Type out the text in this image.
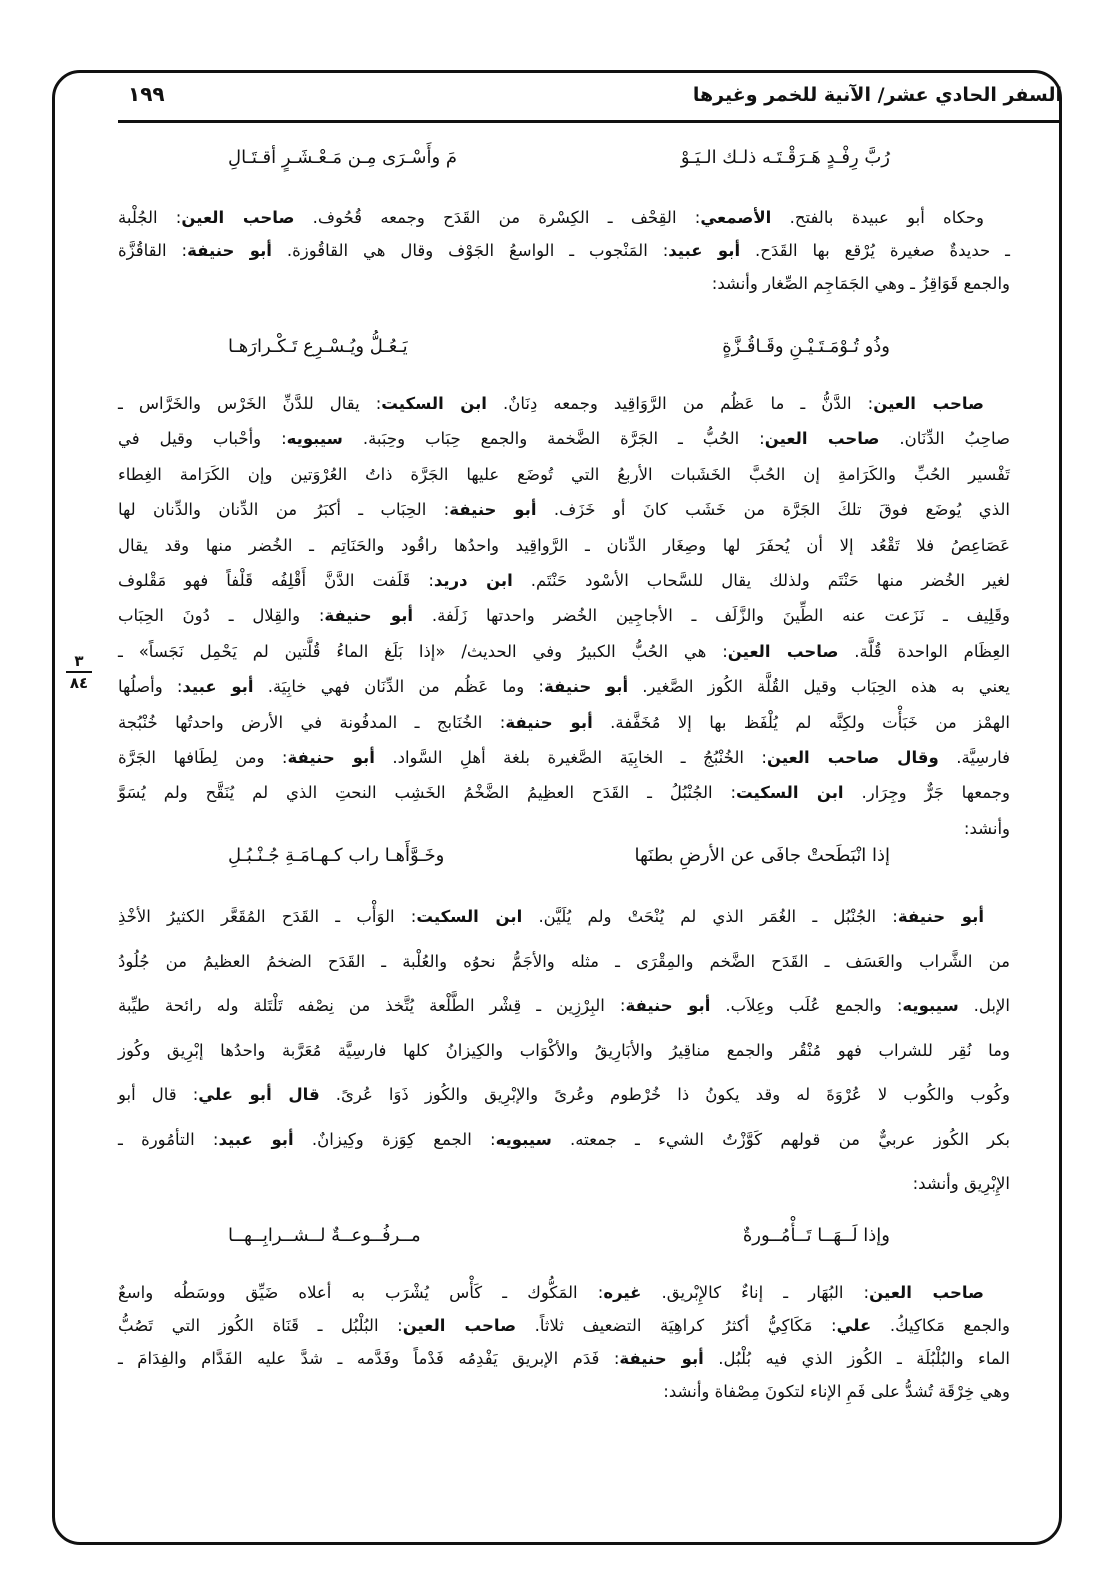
السفر الحادي عشر/ الآنية للخمر وغيرها
١٩٩
٣
٨٤
رُبَّ رِفْـدٍ هَـرَقْـتَـه ذلـك الـيَـوْ
مَ وأَسْـرَى مِـن مَـعْـشَـرٍ أقـتَـالِ
وحكاه أبو عبيدة بالفتح. الأصمعي: القِحْف ـ الكِسْرة من القَدَح وجمعه قُحُوف. صاحب العين: الجُلْبة
ـ حديدةٌ صغيرة يُرْقع بها القَدَح. أبو عبيد: المَنْجوب ـ الواسعُ الجَوْف وقال هي القاقُوزة. أبو حنيفة: القاقُزَّة
والجمع قَوَاقِزُ ـ وهي الجَمَاجِم الصِّغار وأنشد:
وذُو تُـوْمَـتَـيْـنِ وقَـاقُـزَّةٍ
يَـعُـلُّ ويُـسْـرِع تَـكْـرارَهـا
صاحب العين: الدَّنُّ ـ ما عَظُم من الرَّوَاقِيد وجمعه دِنَانٌ. ابن السكيت: يقال للدَّنِّ الخَرْس والخَرَّاس ـ
صاحِبُ الدِّنَان. صاحب العين: الحُبُّ ـ الجَرَّة الضَّخمة والجمع حِبَاب وحِبَبة. سيبويه: وأحْباب وقيل في
تَفْسير الحُبِّ والكَرَامةِ إن الحُبَّ الخَشَبات الأربعُ التي تُوضَع عليها الجَرَّة ذاتُ العُرْوَتين وإن الكَرَامة الغِطاء
الذي يُوضَع فوقَ تلكَ الجَرَّة من خَشَب كانَ أو خَزَف. أبو حنيفة: الحِبَاب ـ أكبَرُ من الدِّنان والدِّنان لها
عَصَاعِصُ فلا تَقْعُد إلا أن يُحفَرَ لها وصِغَار الدِّنان ـ الرَّواقِيد واحدُها راقُود والحَنَاتِم ـ الخُضر منها وقد يقال
لغير الخُضر منها حَنْتَم ولذلك يقال للسَّحاب الأسْود حَنْتَم. ابن دريد: قَلَفت الدَّنَّ أَقْلِفُه قَلْفاً فهو مَقْلوف
وقَلِيف ـ نَزَعت عنه الطِّينَ والزَّلَف ـ الأجاجِين الخُضر واحدتها زَلَفة. أبو حنيفة: والقِلال ـ دُونَ الحِبَاب
العِظَام الواحدة قُلَّة. صاحب العين: هي الحُبُّ الكبيرُ وفي الحديث/ «إذا بَلَغ الماءُ قُلَّتين لم يَحْمِل نَجَساً» ـ
يعني به هذه الحِبَاب وقيل القُلَّة الكُوز الصَّغير. أبو حنيفة: وما عَظُم من الدِّنَان فهي خابِيَة. أبو عبيد: وأصلُها
الهمْز من خَبَأْت ولكِنَّه لم يُلْفَظ بها إلا مُخَفَّفة. أبو حنيفة: الخُنَابج ـ المدفُونة في الأرض واحدتُها خُنْبُجة
فارسِيَّة. وقال صاحب العين: الخُنْبُجُ ـ الخابِيَة الصَّغيرة بلغة أهلِ السَّواد. أبو حنيفة: ومن لِطَافها الجَرَّة
وجمعها جَرٌّ وجِرَار. ابن السكيت: الجُنْبُلُ ـ القَدَح العظِيمُ الضَّخْمُ الخَشِب النحتِ الذي لم يُنَقَّح ولم يُسَوَّ
وأنشد:
إذا انْبَطَحتْ جافَى عن الأرضِ بطنَها
وخَـوَّأَهـا راب كـهـامَـةِ جُـنْـبُـلِ
أبو حنيفة: الجُنْبُل ـ الغُمَر الذي لم يُنْحَتْ ولم يُلَيَّن. ابن السكيت: الوَأْب ـ القَدَح المُقَعَّر الكثيرُ الأخْذِ
من الشَّراب والعَسَف ـ القَدَح الضَّخم والمِقْرَى ـ مثله والأجَمُّ نحوُه والعُلْبة ـ القَدَح الضخمُ العظيمُ من جُلُودُ
الإبل. سيبويه: والجمع عُلَب وعِلاَب. أبو حنيفة: البِرْزِين ـ قِشْر الطَّلْعة يُتَّخذ من نِصْفه تَلْتَلة وله رائحة طيِّبة
وما نُقِر للشراب فهو مُنْقُر والجمع مناقِيرُ والأبَارِيقُ والأكْوَاب والكِيزانُ كلها فارسِيَّة مُعَرَّبة واحدُها إبْرِيق وكُوز
وكُوب والكُوب لا عُرْوَةَ له وقد يكونُ ذا خُرْطوم وعُرىً والإبْرِيق والكُوز ذَوَا عُرىً. قال أبو علي: قال أبو
بكر الكُوز عربيٌّ من قولهم كَوَّزْتُ الشيء ـ جمعته. سيبويه: الجمع كِوَزة وكِيزانٌ. أبو عبيد: التأمُورة ـ
الإِبْرِيق وأنشد:
وإذا لَــهَــا تَــأْمُــورةٌ
مــرفُــوعــةٌ لــشــرابِــهــا
صاحب العين: البُهَار ـ إناءٌ كالإِبْريق. غيره: المَكُّوك ـ كَأْس يُشْرَب به أعلاه ضَيِّق ووسَطُه واسعٌ
والجمع مَكاكِيكُ. علي: مَكَاكِيُّ أكثرُ كراهِيَة التضعيف ثلاثاً. صاحب العين: البُلْبُل ـ قَنَاة الكُوز التي تَصُبُّ
الماء والبُلْبُلَة ـ الكُوز الذي فيه بُلْبُل. أبو حنيفة: فَدَم الإبريق يَفْدِمُه فَدْماً وفَدَّمه ـ شدَّ عليه الفَدَّام والفِدَامَ ـ
وهي خِرْقَة تُشدُّ على فَمِ الإناء لتكونَ مِصْفاة وأنشد:
